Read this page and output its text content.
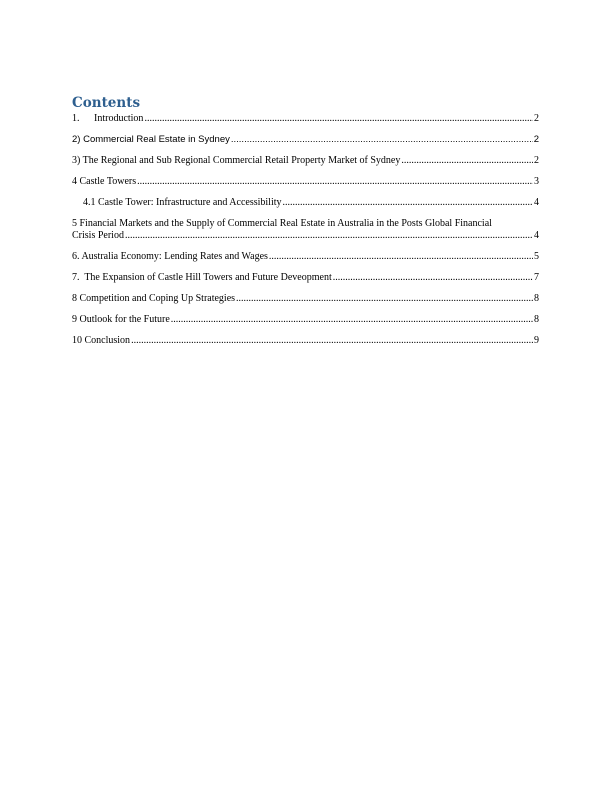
Contents
1. Introduction .....	2
2) Commercial Real Estate in Sydney .....	2
3) The Regional and Sub Regional Commercial Retail Property Market of Sydney .....	2
4 Castle Towers .....	3
4.1 Castle Tower: Infrastructure and Accessibility .....	4
5 Financial Markets and the Supply of Commercial Real Estate in Australia in the Posts Global Financial
Crisis Period .....	4
6. Australia Economy: Lending Rates and Wages .....	5
7.  The Expansion of Castle Hill Towers and Future Deveopment .....	7
8 Competition and Coping Up Strategies .....	8
9 Outlook for the Future .....	8
10 Conclusion .....	9
